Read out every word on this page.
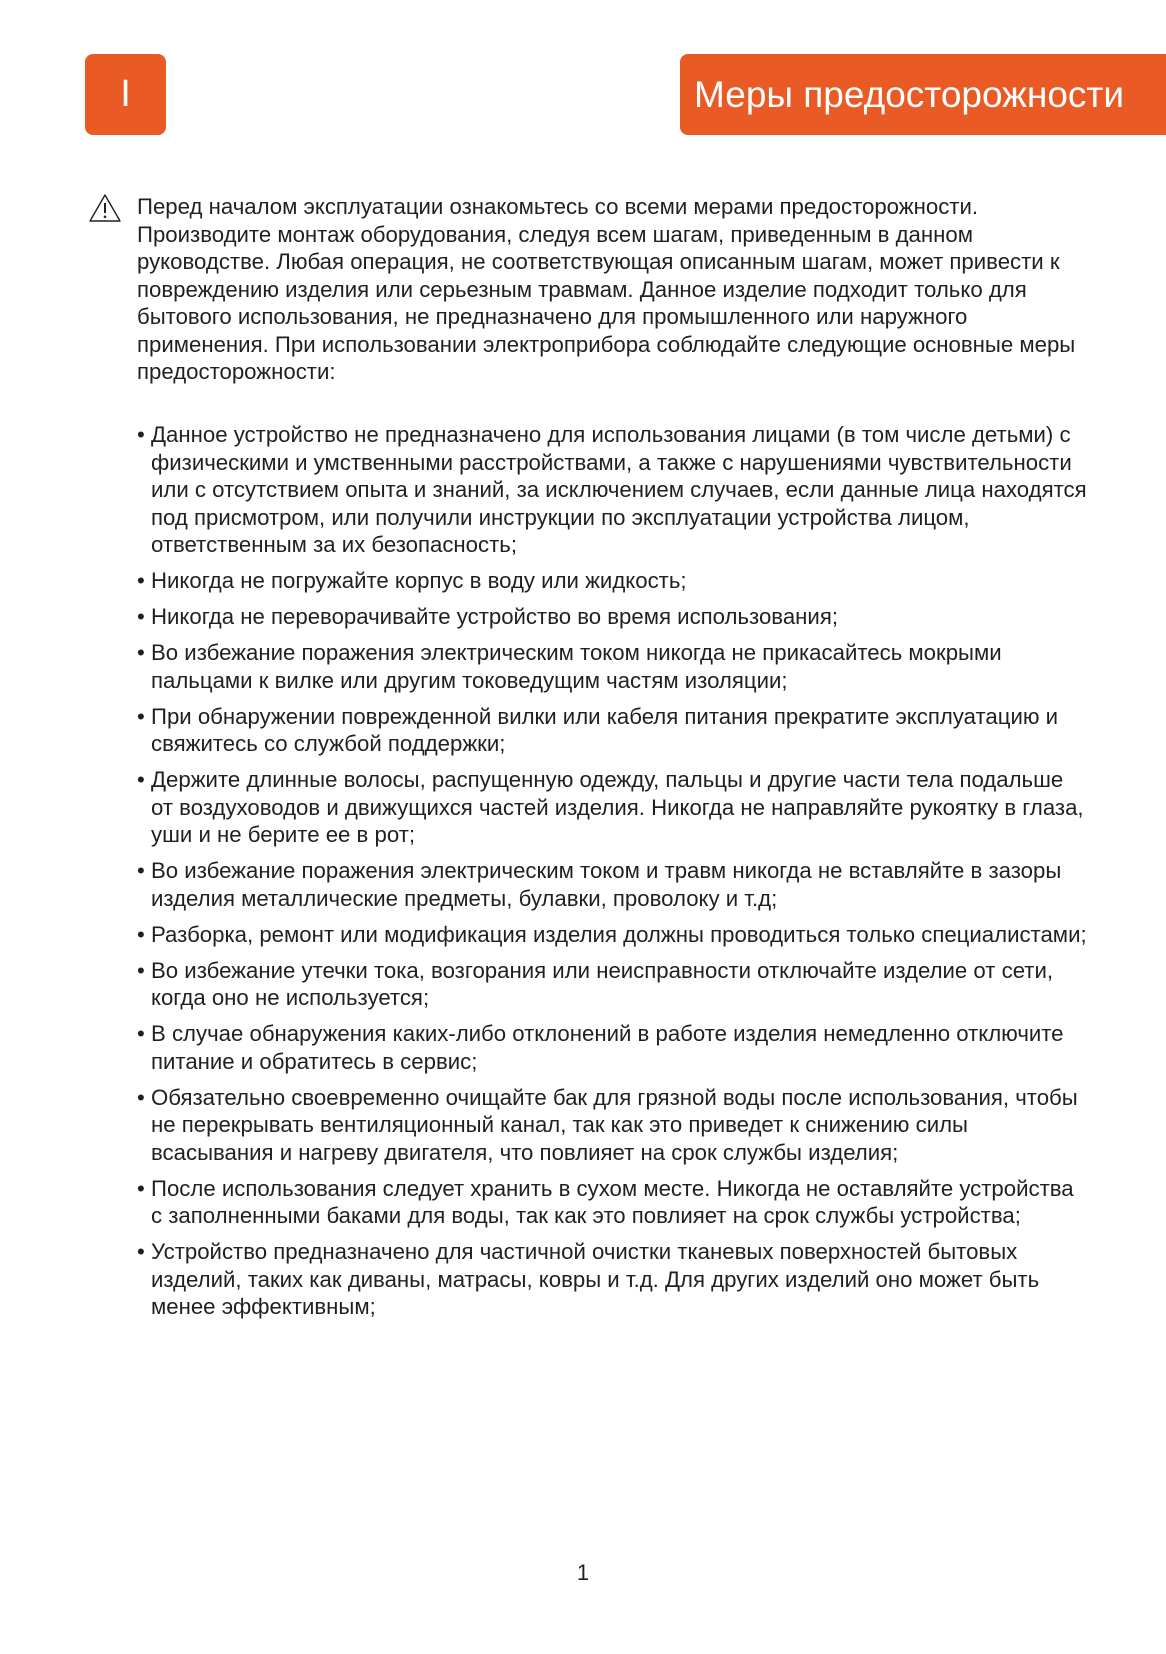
I	Меры предосторожности

Перед началом эксплуатации ознакомьтесь со всеми мерами предосторожности. Производите монтаж оборудования, следуя всем шагам, приведенным в данном руководстве. Любая операция, не соответствующая описанным шагам, может привести к повреждению изделия или серьезным травмам. Данное изделие подходит только для бытового использования, не предназначено для промышленного или наружного применения. При использовании электроприбора соблюдайте следующие основные меры предосторожности:

• Данное устройство не предназначено для использования лицами (в том числе детьми) с физическими и умственными расстройствами, а также с нарушениями чувствительности или с отсутствием опыта и знаний, за исключением случаев, если данные лица находятся под присмотром, или получили инструкции по эксплуатации устройства лицом, ответственным за их безопасность;
• Никогда не погружайте корпус в воду или жидкость;
• Никогда не переворачивайте устройство во время использования;
• Во избежание поражения электрическим током никогда не прикасайтесь мокрыми пальцами к вилке или другим токоведущим частям изоляции;
• При обнаружении поврежденной вилки или кабеля питания прекратите эксплуатацию и свяжитесь со службой поддержки;
• Держите длинные волосы, распущенную одежду, пальцы и другие части тела подальше от воздуховодов и движущихся частей изделия. Никогда не направляйте рукоятку в глаза, уши и не берите ее в рот;
• Во избежание поражения электрическим током и травм никогда не вставляйте в зазоры изделия металлические предметы, булавки, проволоку и т.д;
• Разборка, ремонт или модификация изделия должны проводиться только специалистами;
• Во избежание утечки тока, возгорания или неисправности отключайте изделие от сети, когда оно не используется;
• В случае обнаружения каких-либо отклонений в работе изделия немедленно отключите питание и обратитесь в сервис;
• Обязательно своевременно очищайте бак для грязной воды после использования, чтобы не перекрывать вентиляционный канал, так как это приведет к снижению силы всасывания и нагреву двигателя, что повлияет на срок службы изделия;
• После использования следует хранить в сухом месте. Никогда не оставляйте устройства с заполненными баками для воды, так как это повлияет на срок службы устройства;
• Устройство предназначено для частичной очистки тканевых поверхностей бытовых изделий, таких как диваны, матрасы, ковры и т.д. Для других изделий оно может быть менее эффективным;
1
